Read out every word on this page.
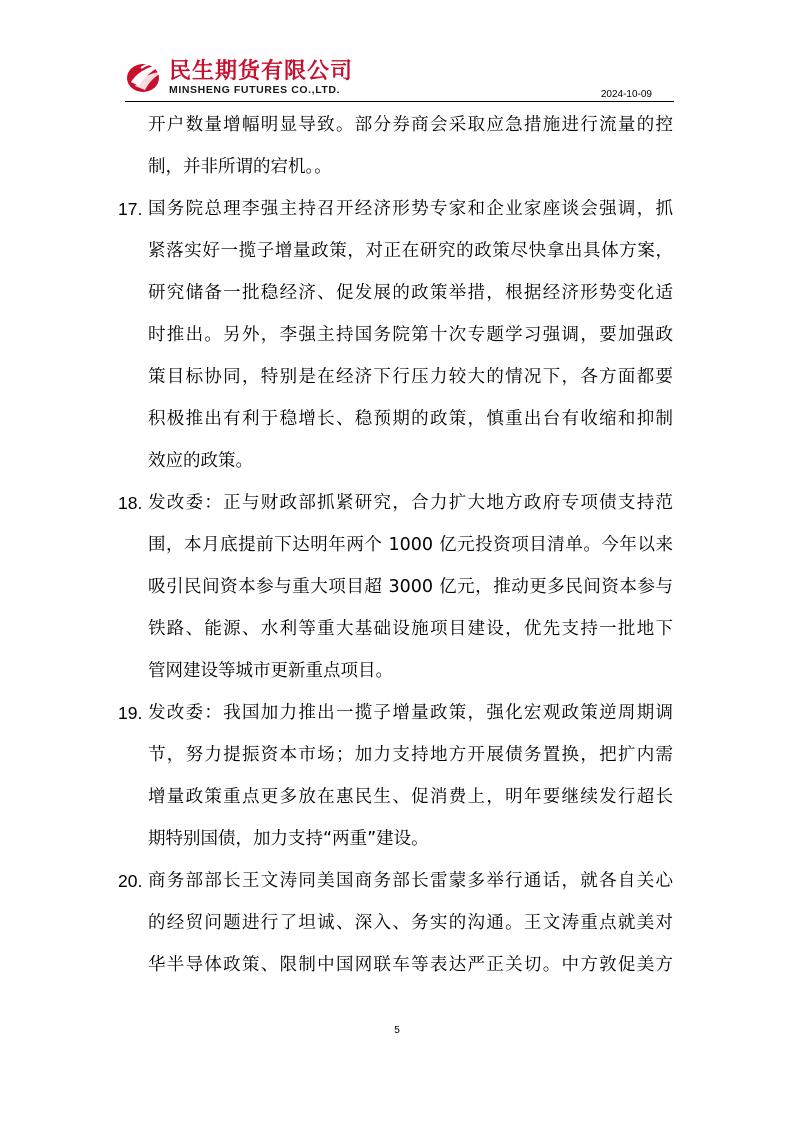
民生期货有限公司
MINSHENG FUTURES CO.,LTD.	2024-10-09
开户数量增幅明显导致。部分券商会采取应急措施进行流量的控
制，并非所谓的宕机。。
17. 国务院总理李强主持召开经济形势专家和企业家座谈会强调，抓
紧落实好一揽子增量政策，对正在研究的政策尽快拿出具体方案，
研究储备一批稳经济、促发展的政策举措，根据经济形势变化适
时推出。另外，李强主持国务院第十次专题学习强调，要加强政
策目标协同，特别是在经济下行压力较大的情况下，各方面都要
积极推出有利于稳增长、稳预期的政策，慎重出台有收缩和抑制
效应的政策。
18. 发改委：正与财政部抓紧研究，合力扩大地方政府专项债支持范
围，本月底提前下达明年两个 1000 亿元投资项目清单。今年以来
吸引民间资本参与重大项目超 3000 亿元，推动更多民间资本参与
铁路、能源、水利等重大基础设施项目建设，优先支持一批地下
管网建设等城市更新重点项目。
19. 发改委：我国加力推出一揽子增量政策，强化宏观政策逆周期调
节，努力提振资本市场；加力支持地方开展债务置换，把扩内需
增量政策重点更多放在惠民生、促消费上，明年要继续发行超长
期特别国债，加力支持“两重”建设。
20. 商务部部长王文涛同美国商务部长雷蒙多举行通话，就各自关心
的经贸问题进行了坦诚、深入、务实的沟通。王文涛重点就美对
华半导体政策、限制中国网联车等表达严正关切。中方敦促美方
5
